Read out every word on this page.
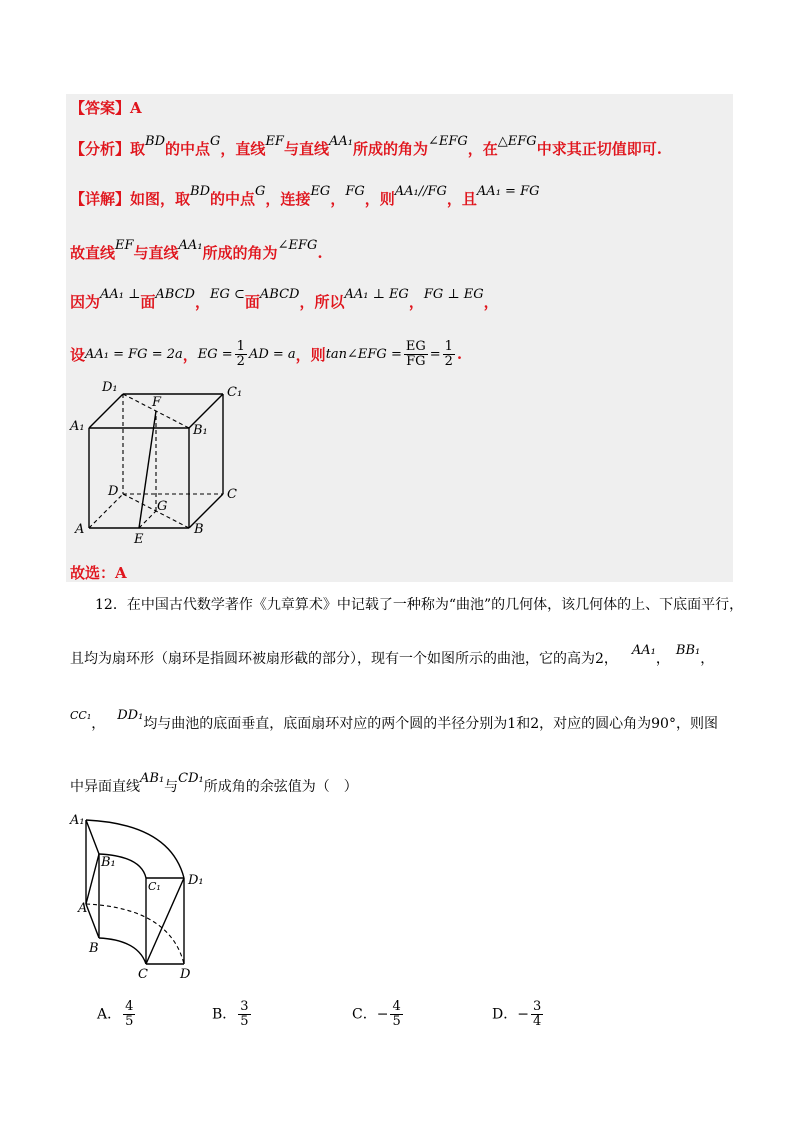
【答案】A
【分析】取BD的中点G，直线EF与直线AA₁所成的角为∠EFG，在△EFG中求其正切值即可.
【详解】如图，取BD的中点G，连接EG，FG，则AA₁//FG，且AA₁ = FG
故直线EF与直线AA₁所成的角为∠EFG.
因为AA₁ ⊥面ABCD，EG ⊂面ABCD，所以AA₁ ⊥ EG，FG ⊥ EG，
设 AA₁ = FG = 2a ， EG = $\frac{1}{2}$ AD = a ，则 tan∠EFG = $\frac{EG}{FG} = \frac{1}{2}$ .
D₁	C₁
A₁	B₁
F
D	C
G
A	B
E
故选：A
12．在中国古代数学著作《九章算术》中记载了一种称为“曲池”的几何体，该几何体的上、下底面平行，
且均为扇环形（扇环是指圆环被扇形截的部分），现有一个如图所示的曲池，它的高为2，AA₁，BB₁，
$^{CC_1}$，DD₁均与曲池的底面垂直，底面扇环对应的两个圆的半径分别为1和2，对应的圆心角为90°，则图
中异面直线AB₁与CD₁所成角的余弦值为（　）
A₁
B₁
C₁ D₁
A
B
C D
A． $\frac{4}{5}$	B． $\frac{3}{5}$	C．− $\frac{4}{5}$	D．− $\frac{3}{4}$
